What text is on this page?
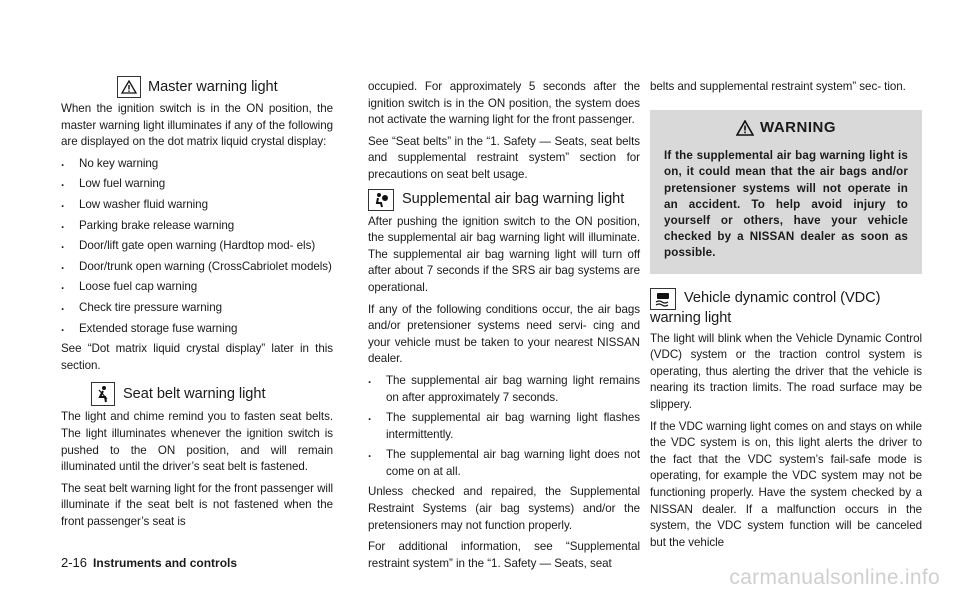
Master warning light

When the ignition switch is in the ON position, the master warning light illuminates if any of the following are displayed on the dot matrix liquid crystal display:

. No key warning
. Low fuel warning
. Low washer fluid warning
. Parking brake release warning
. Door/lift gate open warning (Hardtop mod- els)
. Door/trunk open warning (CrossCabriolet models)
. Loose fuel cap warning
. Check tire pressure warning
. Extended storage fuse warning

See “Dot matrix liquid crystal display” later in this section.

Seat belt warning light

The light and chime remind you to fasten seat belts. The light illuminates whenever the ignition switch is pushed to the ON position, and will remain illuminated until the driver’s seat belt is fastened.

The seat belt warning light for the front passenger will illuminate if the seat belt is not fastened when the front passenger’s seat is

occupied. For approximately 5 seconds after the ignition switch is in the ON position, the system does not activate the warning light for the front passenger.

See “Seat belts” in the “1. Safety — Seats, seat belts and supplemental restraint system” section for precautions on seat belt usage.

Supplemental air bag warning light

After pushing the ignition switch to the ON position, the supplemental air bag warning light will illuminate. The supplemental air bag warning light will turn off after about 7 seconds if the SRS air bag systems are operational.

If any of the following conditions occur, the air bags and/or pretensioner systems need servi- cing and your vehicle must be taken to your nearest NISSAN dealer.

. The supplemental air bag warning light remains on after approximately 7 seconds.
. The supplemental air bag warning light flashes intermittently.
. The supplemental air bag warning light does not come on at all.

Unless checked and repaired, the Supplemental Restraint Systems (air bag systems) and/or the pretensioners may not function properly.

For additional information, see “Supplemental restraint system” in the “1. Safety — Seats, seat

belts and supplemental restraint system” sec- tion.

WARNING
If the supplemental air bag warning light is on, it could mean that the air bags and/or pretensioner systems will not operate in an accident. To help avoid injury to yourself or others, have your vehicle checked by a NISSAN dealer as soon as possible.
Vehicle dynamic control (VDC)
warning light

The light will blink when the Vehicle Dynamic Control (VDC) system or the traction control system is operating, thus alerting the driver that the vehicle is nearing its traction limits. The road surface may be slippery.

If the VDC warning light comes on and stays on while the VDC system is on, this light alerts the driver to the fact that the VDC system’s fail-safe mode is operating, for example the VDC system may not be functioning properly. Have the system checked by a NISSAN dealer. If a malfunction occurs in the system, the VDC system function will be canceled but the vehicle

2-16 Instruments and controls
carmanualsonline.info
